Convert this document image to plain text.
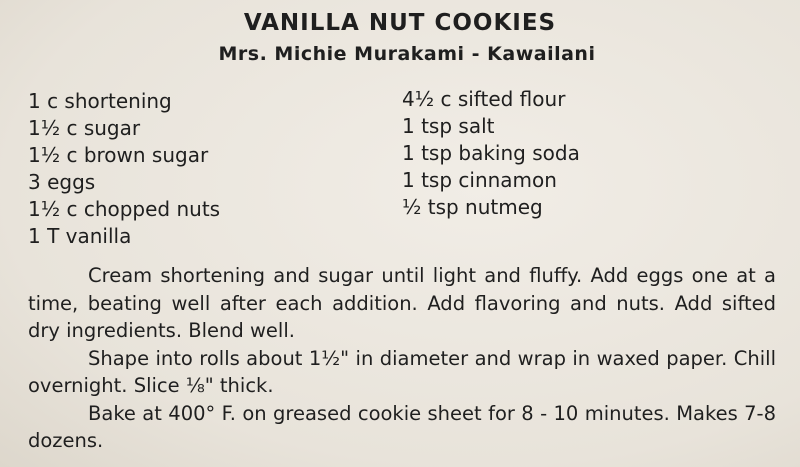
VANILLA NUT COOKIES
Mrs. Michie Murakami - Kawailani
1 c shortening
1½ c sugar
1½ c brown sugar
3 eggs
1½ c chopped nuts
1 T vanilla
4½ c sifted flour
1 tsp salt
1 tsp baking soda
1 tsp cinnamon
½ tsp nutmeg

Cream shortening and sugar until light and fluffy. Add eggs one at a time, beating well after each addition. Add flavoring and nuts. Add sifted dry ingredients. Blend well.

Shape into rolls about 1½" in diameter and wrap in waxed paper. Chill overnight. Slice ⅛" thick.

Bake at 400° F. on greased cookie sheet for 8 - 10 minutes. Makes 7-8 dozens.
